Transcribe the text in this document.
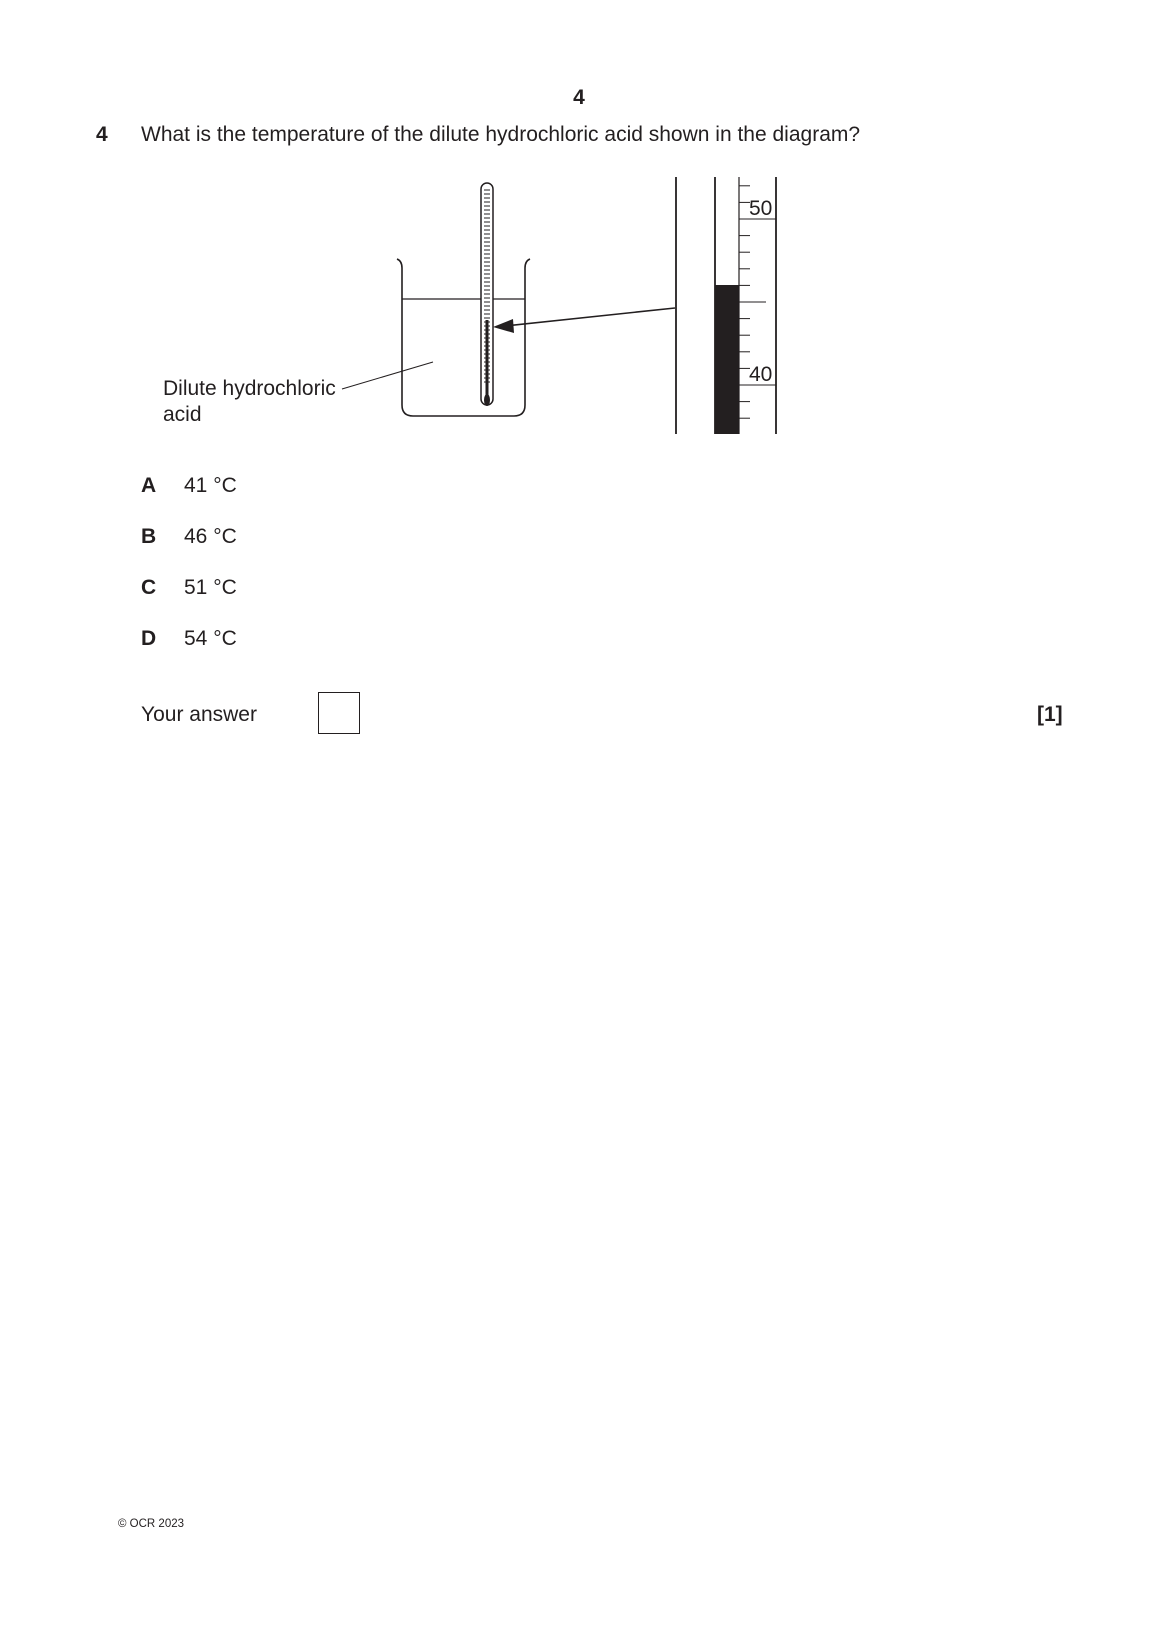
4
4 What is the temperature of the dilute hydrochloric acid shown in the diagram?
Dilute hydrochloric
acid
50
40
A 41 °C
B 46 °C
C 51 °C
D 54 °C
Your answer	[1]
© OCR 2023
